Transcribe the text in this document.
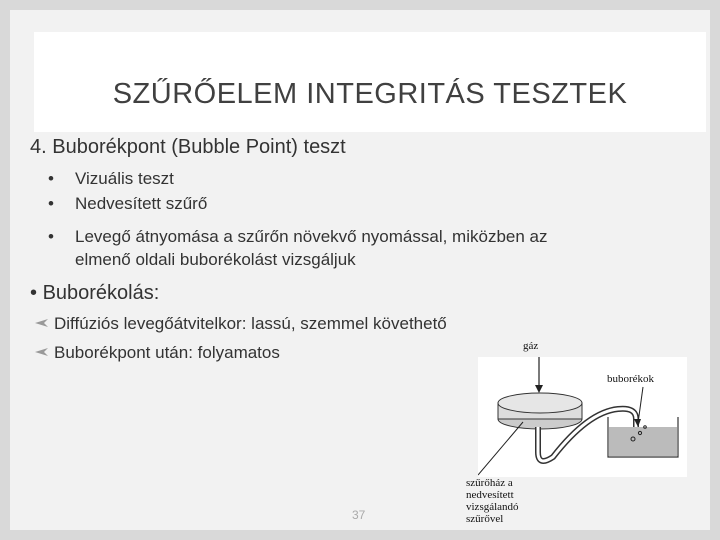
SZŰRŐELEM INTEGRITÁS TESZTEK
4. Buborékpont (Bubble Point) teszt
• Vizuális teszt
• Nedvesített szűrő
• Levegő átnyomása a szűrőn növekvő nyomással, miközben az
elmenő oldali buborékolást vizsgáljuk
• Buborékolás:
Diffúziós levegőátvitelkor: lassú, szemmel követhető
Buborékpont után: folyamatos	gáz
buborékok
szűrőház a
nedvesített
vizsgálandó
szűrővel
37
